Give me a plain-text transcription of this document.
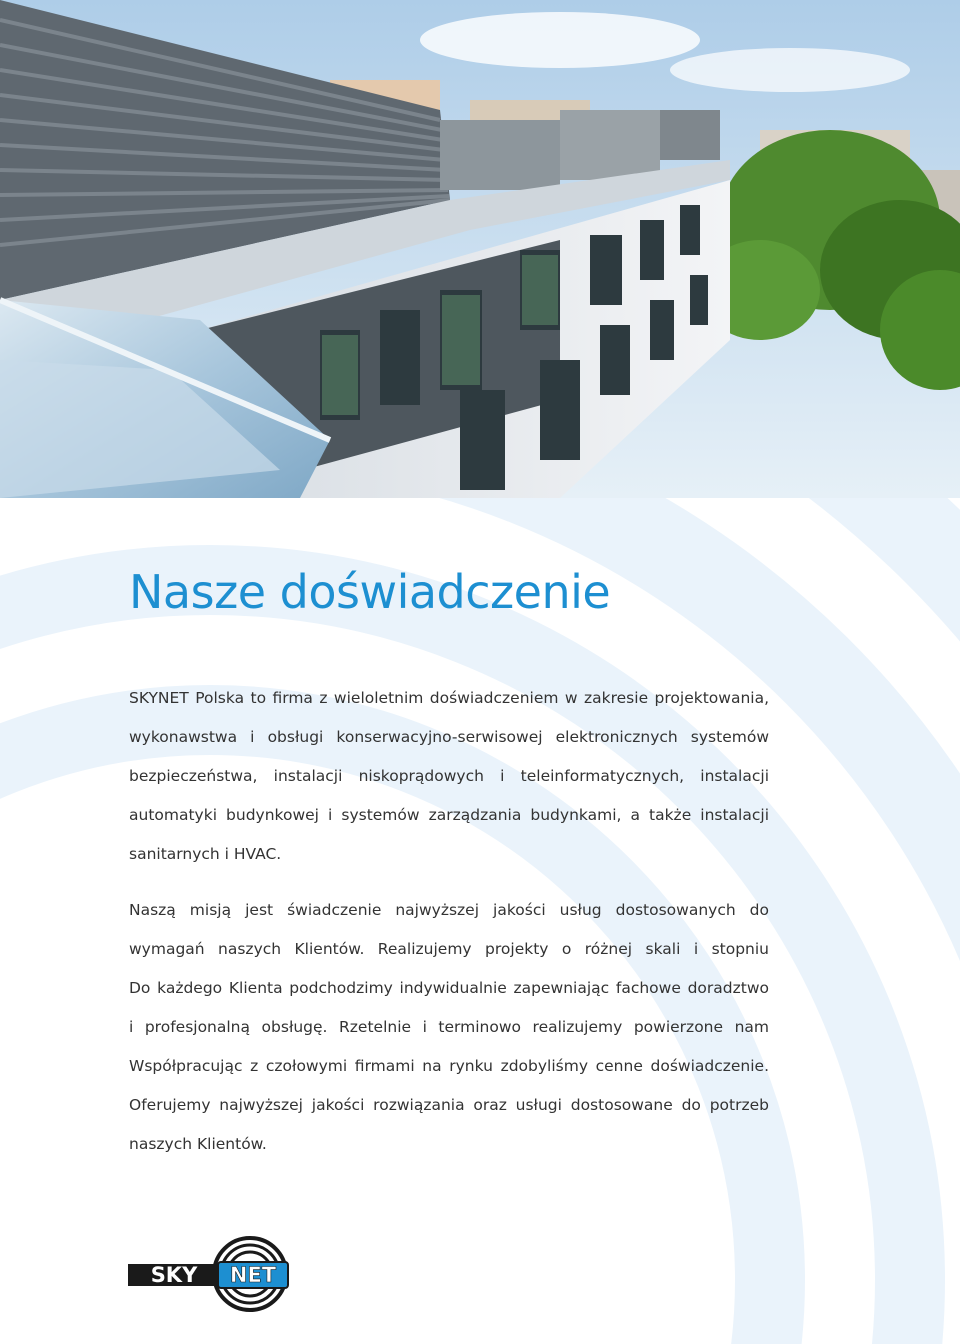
Nasze doświadczenie

SKYNET Polska to firma z wieloletnim doświadczeniem w zakresie projektowania,
wykonawstwa i obsługi konserwacyjno-serwisowej elektronicznych systemów
bezpieczeństwa, instalacji niskoprądowych i teleinformatycznych, instalacji
automatyki budynkowej i systemów zarządzania budynkami, a także instalacji
sanitarnych i HVAC.

Naszą misją jest świadczenie najwyższej jakości usług dostosowanych do
wymagań naszych Klientów. Realizujemy projekty o różnej skali i stopniu
Do każdego Klienta podchodzimy indywidualnie zapewniając fachowe doradztwo
i profesjonalną obsługę. Rzetelnie i terminowo realizujemy powierzone nam
Współpracując z czołowymi firmami na rynku zdobyliśmy cenne doświadczenie.
Oferujemy najwyższej jakości rozwiązania oraz usługi dostosowane do potrzeb
naszych Klientów.

SKY NET
